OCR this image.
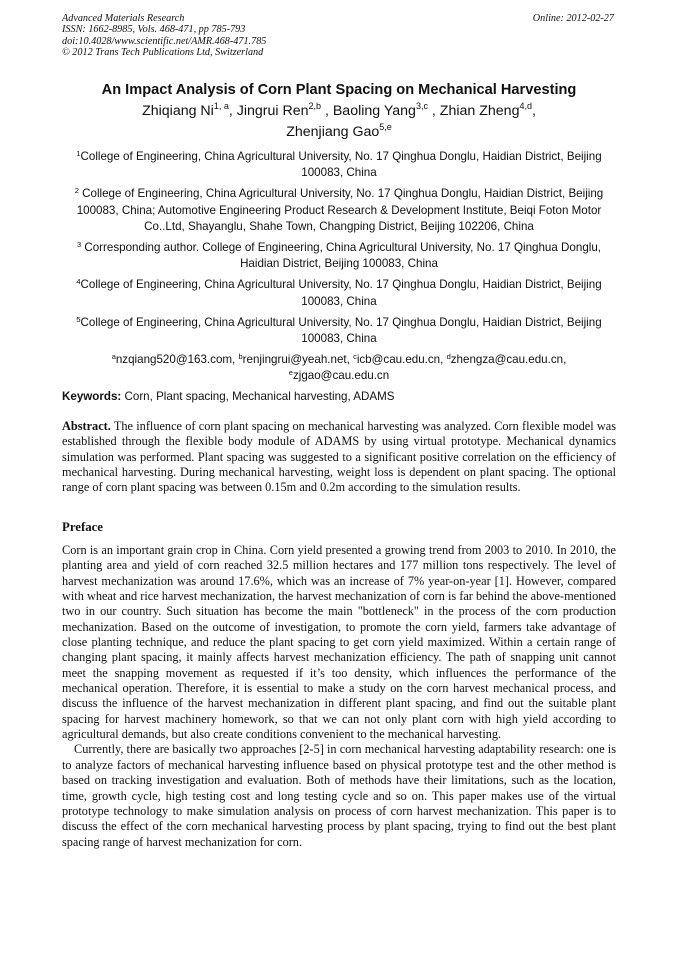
Advanced Materials Research
ISSN: 1662-8985, Vols. 468-471, pp 785-793
doi:10.4028/www.scientific.net/AMR.468-471.785
© 2012 Trans Tech Publications Ltd, Switzerland
Online: 2012-02-27
An Impact Analysis of Corn Plant Spacing on Mechanical Harvesting
Zhiqiang Ni$^{1, a}$, Jingrui Ren$^{2,b}$ , Baoling Yang$^{3,c}$ , Zhian Zheng$^{4,d}$,
Zhenjiang Gao$^{5,e}$
$^1$College of Engineering, China Agricultural University, No. 17 Qinghua Donglu, Haidian District, Beijing 100083, China
$^2$ College of Engineering, China Agricultural University, No. 17 Qinghua Donglu, Haidian District, Beijing 100083, China; Automotive Engineering Product Research & Development Institute, Beiqi Foton Motor Co..Ltd, Shayanglu, Shahe Town, Changping District, Beijing 102206, China
$^3$ Corresponding author. College of Engineering, China Agricultural University, No. 17 Qinghua Donglu, Haidian District, Beijing 100083, China
$^4$College of Engineering, China Agricultural University, No. 17 Qinghua Donglu, Haidian District, Beijing 100083, China
$^5$College of Engineering, China Agricultural University, No. 17 Qinghua Donglu, Haidian District, Beijing 100083, China
$^a$nzqiang520@163.com, $^b$renjingrui@yeah.net, $^c$icb@cau.edu.cn, $^d$zhengza@cau.edu.cn,
$^e$zjgao@cau.edu.cn
Keywords: Corn, Plant spacing, Mechanical harvesting, ADAMS
Abstract. The influence of corn plant spacing on mechanical harvesting was analyzed. Corn flexible model was established through the flexible body module of ADAMS by using virtual prototype. Mechanical dynamics simulation was performed. Plant spacing was suggested to a significant positive correlation on the efficiency of mechanical harvesting. During mechanical harvesting, weight loss is dependent on plant spacing. The optional range of corn plant spacing was between 0.15m and 0.2m according to the simulation results.
Preface

Corn is an important grain crop in China. Corn yield presented a growing trend from 2003 to 2010. In 2010, the planting area and yield of corn reached 32.5 million hectares and 177 million tons respectively. The level of harvest mechanization was around 17.6%, which was an increase of 7% year-on-year [1]. However, compared with wheat and rice harvest mechanization, the harvest mechanization of corn is far behind the above-mentioned two in our country. Such situation has become the main "bottleneck" in the process of the corn production mechanization. Based on the outcome of investigation, to promote the corn yield, farmers take advantage of close planting technique, and reduce the plant spacing to get corn yield maximized. Within a certain range of changing plant spacing, it mainly affects harvest mechanization efficiency. The path of snapping unit cannot meet the snapping movement as requested if it’s too density, which influences the performance of the mechanical operation. Therefore, it is essential to make a study on the corn harvest mechanical process, and discuss the influence of the harvest mechanization in different plant spacing, and find out the suitable plant spacing for harvest machinery homework, so that we can not only plant corn with high yield according to agricultural demands, but also create conditions convenient to the mechanical harvesting.

Currently, there are basically two approaches [2-5] in corn mechanical harvesting adaptability research: one is to analyze factors of mechanical harvesting influence based on physical prototype test and the other method is based on tracking investigation and evaluation. Both of methods have their limitations, such as the location, time, growth cycle, high testing cost and long testing cycle and so on. This paper makes use of the virtual prototype technology to make simulation analysis on process of corn harvest mechanization. This paper is to discuss the effect of the corn mechanical harvesting process by plant spacing, trying to find out the best plant spacing range of harvest mechanization for corn.
